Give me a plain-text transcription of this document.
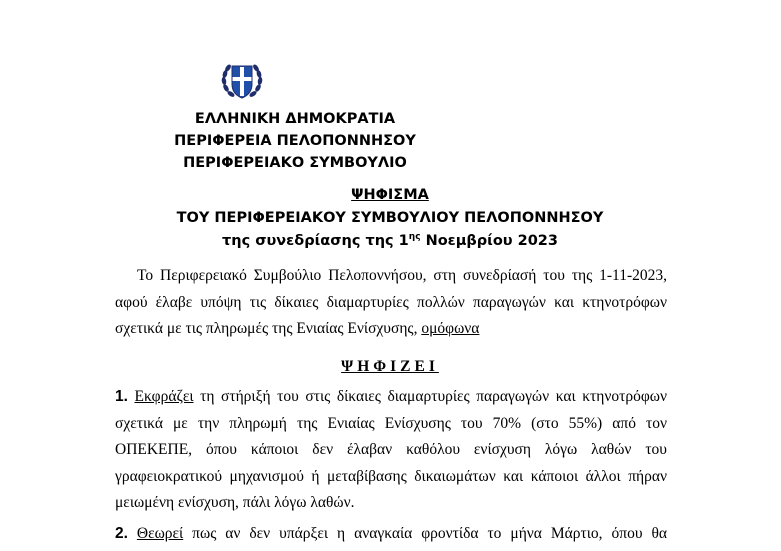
ΕΛΛΗΝΙΚΗ ΔΗΜΟΚΡΑΤΙΑ
ΠΕΡΙΦΕΡΕΙΑ ΠΕΛΟΠΟΝΝΗΣΟΥ
ΠΕΡΙΦΕΡΕΙΑΚΟ ΣΥΜΒΟΥΛΙΟ
ΨΗΦΙΣΜΑ
ΤΟΥ ΠΕΡΙΦΕΡΕΙΑΚΟΥ ΣΥΜΒΟΥΛΙΟΥ ΠΕΛΟΠΟΝΝΗΣΟΥ
της συνεδρίασης της $1^{\eta\varsigma}$ Νοεμβρίου 2023

Το Περιφερειακό Συμβούλιο Πελοποννήσου, στη συνεδρίασή του της 1-11-2023,
αφού έλαβε υπόψη τις δίκαιες διαμαρτυρίες πολλών παραγωγών και κτηνοτρόφων
σχετικά με τις πληρωμές της Ενιαίας Ενίσχυσης, ομόφωνα

ΨΗΦΙΖΕΙ
1. Εκφράζει τη στήριξή του στις δίκαιες διαμαρτυρίες παραγωγών και κτηνοτρόφων
σχετικά με την πληρωμή της Ενιαίας Ενίσχυσης του 70% (στο 55%) από τον
ΟΠΕΚΕΠΕ, όπου κάποιοι δεν έλαβαν καθόλου ενίσχυση λόγω λαθών του
γραφειοκρατικού μηχανισμού ή μεταβίβασης δικαιωμάτων και κάποιοι άλλοι πήραν
μειωμένη ενίσχυση, πάλι λόγω λαθών.
2. Θεωρεί πως αν δεν υπάρξει η αναγκαία φροντίδα το μήνα Μάρτιο, όπου θα
